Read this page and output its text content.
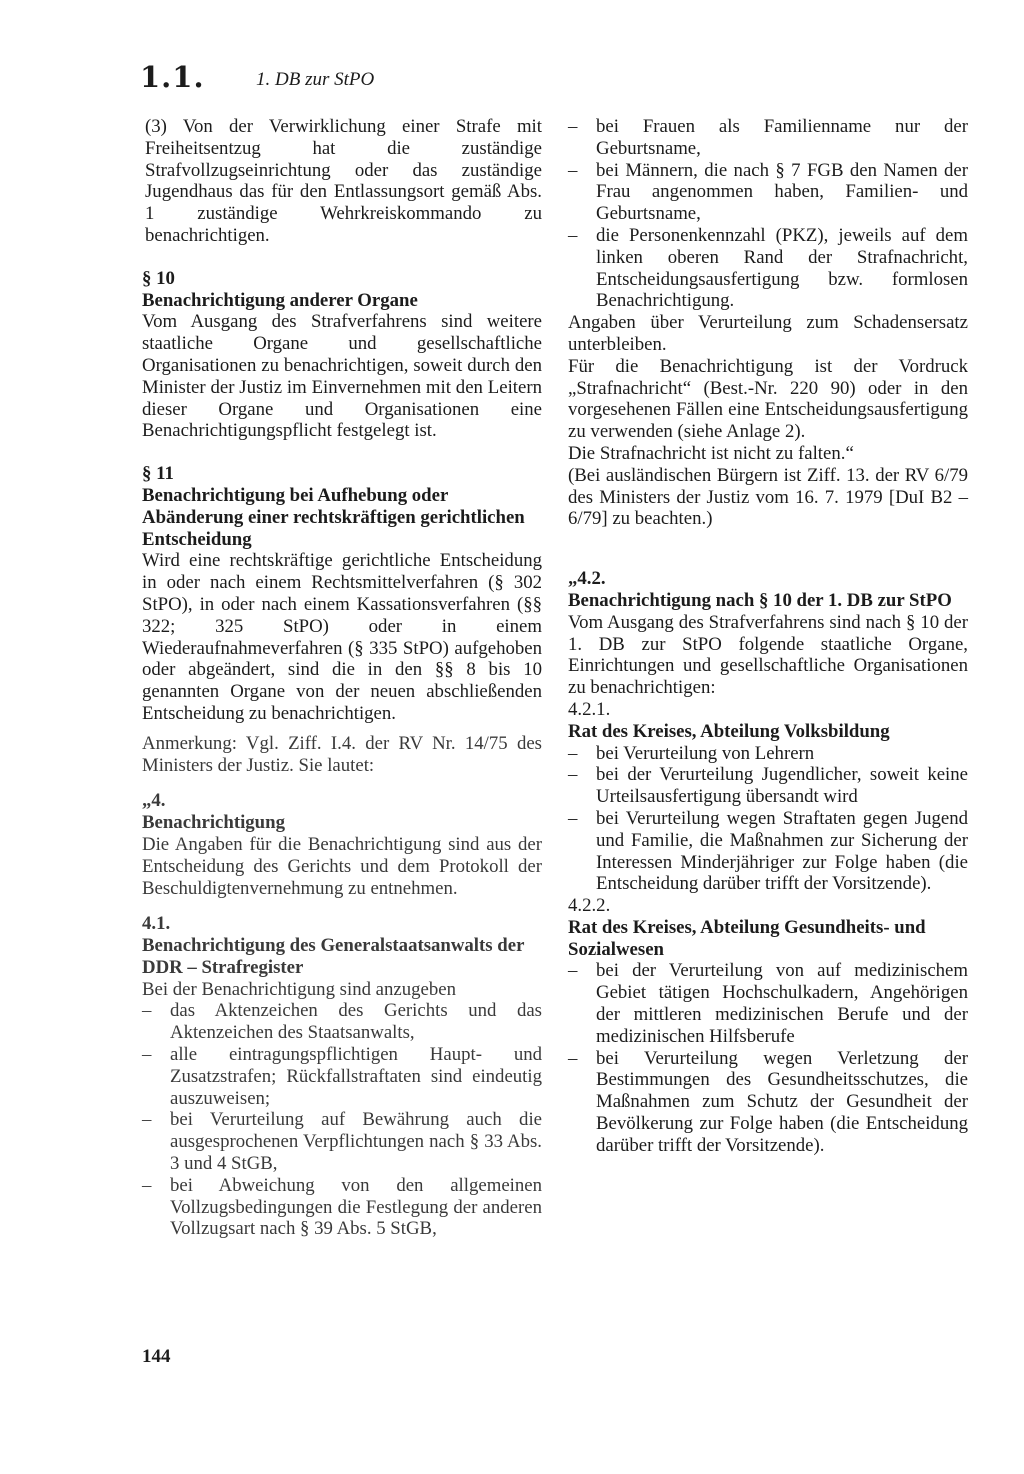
1.1.	1. DB zur StPO

(3) Von der Verwirklichung einer Strafe mit Freiheitsentzug hat die zuständige Strafvollzugseinrichtung oder das zuständige Jugendhaus das für den Entlassungsort gemäß Abs. 1 zuständige Wehrkreiskommando zu benachrichtigen.

§ 10
Benachrichtigung anderer Organe

Vom Ausgang des Strafverfahrens sind weitere staatliche Organe und gesellschaftliche Organisationen zu benachrichtigen, soweit durch den Minister der Justiz im Einvernehmen mit den Leitern dieser Organe und Organisationen eine Benachrichtigungspflicht festgelegt ist.

§ 11
Benachrichtigung bei Aufhebung oder Abänderung einer rechtskräftigen gerichtlichen Entscheidung

Wird eine rechtskräftige gerichtliche Entscheidung in oder nach einem Rechtsmittelverfahren (§ 302 StPO), in oder nach einem Kassationsverfahren (§§ 322; 325 StPO) oder in einem Wiederaufnahmeverfahren (§ 335 StPO) aufgehoben oder abgeändert, sind die in den §§ 8 bis 10 genannten Organe von der neuen abschließenden Entscheidung zu benachrichtigen.

Anmerkung: Vgl. Ziff. I.4. der RV Nr. 14/75 des Ministers der Justiz. Sie lautet:

„4.
Benachrichtigung

Die Angaben für die Benachrichtigung sind aus der Entscheidung des Gerichts und dem Protokoll der Beschuldigtenvernehmung zu entnehmen.

4.1.
Benachrichtigung des Generalstaatsanwalts der DDR – Strafregister

Bei der Benachrichtigung sind anzugeben

– das Aktenzeichen des Gerichts und das Aktenzeichen des Staatsanwalts,
– alle eintragungspflichtigen Haupt- und Zusatzstrafen; Rückfallstraftaten sind eindeutig auszuweisen;
– bei Verurteilung auf Bewährung auch die ausgesprochenen Verpflichtungen nach § 33 Abs. 3 und 4 StGB,
– bei Abweichung von den allgemeinen Vollzugsbedingungen die Festlegung der anderen Vollzugsart nach § 39 Abs. 5 StGB,
– bei Frauen als Familienname nur der Geburtsname,
– bei Männern, die nach § 7 FGB den Namen der Frau angenommen haben, Familien- und Geburtsname,
– die Personenkennzahl (PKZ), jeweils auf dem linken oberen Rand der Strafnachricht, Entscheidungsausfertigung bzw. formlosen Benachrichtigung.

Angaben über Verurteilung zum Schadensersatz unterbleiben.

Für die Benachrichtigung ist der Vordruck „Strafnachricht“ (Best.-Nr. 220 90) oder in den vorgesehenen Fällen eine Entscheidungsausfertigung zu verwenden (siehe Anlage 2).

Die Strafnachricht ist nicht zu falten.“

(Bei ausländischen Bürgern ist Ziff. 13. der RV 6/79 des Ministers der Justiz vom 16. 7. 1979 [DuI B2 – 6/79] zu beachten.)

„4.2.
Benachrichtigung nach § 10 der 1. DB zur StPO

Vom Ausgang des Strafverfahrens sind nach § 10 der 1. DB zur StPO folgende staatliche Organe, Einrichtungen und gesellschaftliche Organisationen zu benachrichtigen:

4.2.1.
Rat des Kreises, Abteilung Volksbildung
– bei Verurteilung von Lehrern
– bei der Verurteilung Jugendlicher, soweit keine Urteilsausfertigung übersandt wird
– bei Verurteilung wegen Straftaten gegen Jugend und Familie, die Maßnahmen zur Sicherung der Interessen Minderjähriger zur Folge haben (die Entscheidung darüber trifft der Vorsitzende).
4.2.2.
Rat des Kreises, Abteilung Gesundheits- und Sozialwesen
– bei der Verurteilung von auf medizinischem Gebiet tätigen Hochschulkadern, Angehörigen der mittleren medizinischen Berufe und der medizinischen Hilfsberufe
– bei Verurteilung wegen Verletzung der Bestimmungen des Gesundheitsschutzes, die Maßnahmen zum Schutz der Gesundheit der Bevölkerung zur Folge haben (die Entscheidung darüber trifft der Vorsitzende).
144
